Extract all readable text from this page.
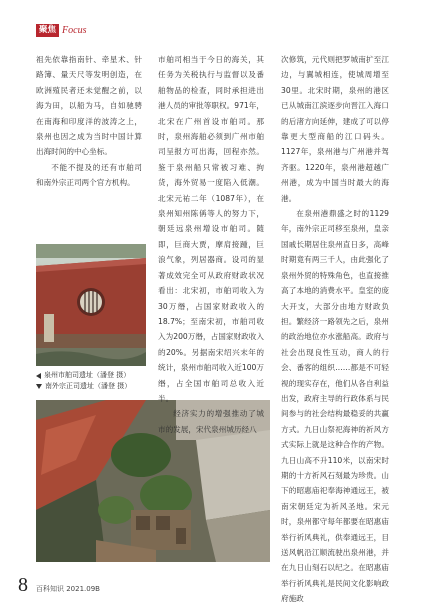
聚焦 Focus

祖先依靠指南针、牵星术、针路簿、量天尺等发明创造，在欧洲殖民者还未觉醒之前，以海为田，以船为马，自如驰骋在南海和印度洋的波涛之上，泉州也因之成为当时中国计算出海时间的中心坐标。

不能不提及的还有市舶司和南外宗正司两个官方机构。

泉州市舶司遗址（潘登 摄）
南外宗正司遗址（潘登 摄）

市舶司相当于今日的海关，其任务为关税执行与监督以及番舶物品的检查，同时承担进出港人员的审批等职权。971年，北宋在广州首设市舶司。那时，泉州海舶必须到广州市舶司呈报方可出海，回程亦然。鉴于泉州船只常被习难、拘货，海外贸易一度陷入低潮。北宋元祐二年（1087年），在泉州知州陈偁等人的努力下，朝廷远泉州增设市舶司。随即，巨商大贾，摩肩接踵，巨浪气象，列居器商。设司的显著成效完全可从政府财政状况看出：北宋初，市舶司收入为30万缗，占国家财政收入的18.7%；至南宋初，市舶司收入为200万缗，占国家财政收入的20%。另据南宋绍兴末年的统计，泉州市舶司收入近100万缗，占全国市舶司总收入近半。

经济实力的增强推动了城市的发展，宋代泉州城历经八

次修筑，元代则把罗城南扩至江边，与翼城相连，使城周增至30里。北宋时期，泉州的港区已从城南江滨逐步向晋江入海口的后渚方向延伸，建成了可以停靠更大型商船的江口码头。1127年，泉州港与广州港并驾齐驱。1220年，泉州港超越广州港，成为中国当时最大的海港。

在泉州港鼎盛之时的1129年，南外宗正司移至泉州，皇亲国戚长期居住泉州直日多，高峰时期竟有两三千人，由此强化了泉州外贸的特殊角色，也直接推高了本地的消费水平。皇室的庞大开支，大部分由地方财政负担。繁经济一路领先之后，泉州的政治地位亦水涨船高。政府与社会出现良性互动，商人的行会、番客的组织……都是不可轻视的现实存在，他们从各自利益出发，政府主导的行政体系与民间参与的社会结构最稳妥的共赢方式。九日山祭祀海神的祈风方式实际上就是这种合作的产物。九日山高不升110米，以南宋时期的十方祈风石刻最为珍贵。山下的昭惠庙祀奉海神通远王，被南宋朝廷定为祈风圣地。宋元时，泉州都守每年都要在昭惠庙举行祈风典礼，供奉通远王，目送风帆沿江顺流驶出泉州港，并在九日山刻石以纪之。在昭惠庙举行祈风典礼是民间文化影响政府施政

8 百科知识 2021.09B
